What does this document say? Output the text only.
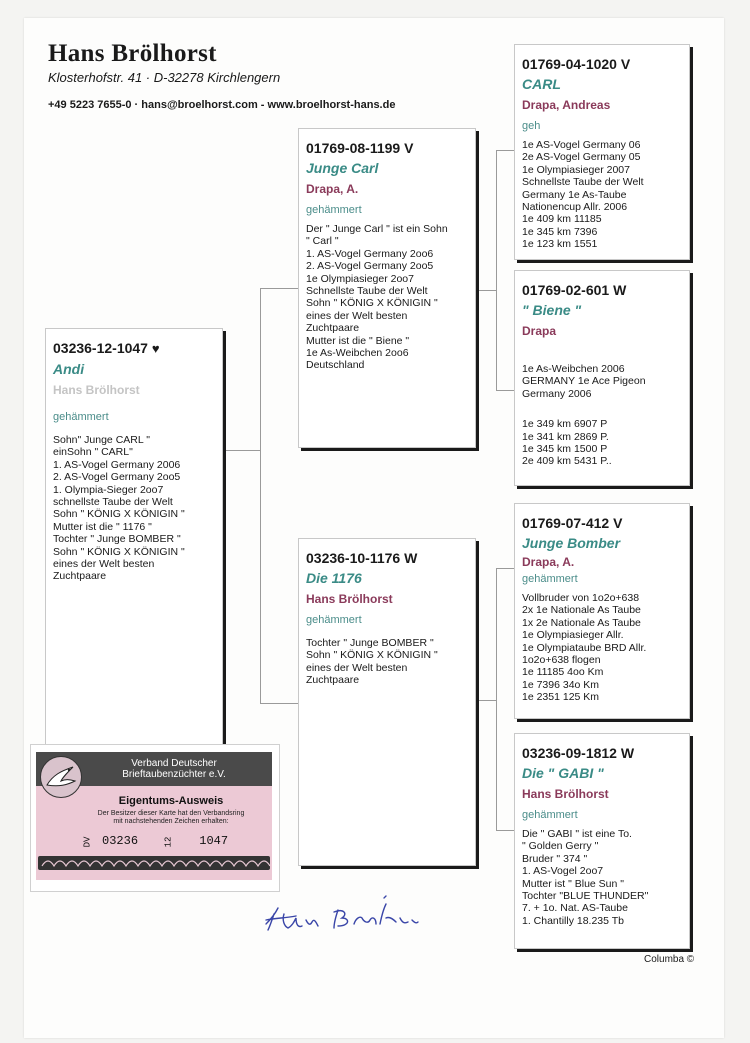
Hans Brölhorst
Klosterhofstr. 41 · D-32278 Kirchlengern
+49 5223 7655-0 · hans@broelhorst.com - www.broelhorst-hans.de
03236-12-1047 ♥
Andi
Hans Brölhorst
gehämmert
Sohn" Junge CARL "
einSohn " CARL"
1. AS-Vogel Germany 2006
2. AS-Vogel Germany 2oo5
1. Olympia-Sieger 2oo7
schnellste Taube der Welt
Sohn " KÖNIG X KÖNIGIN "
Mutter ist die " 1176 "
Tochter " Junge BOMBER "
Sohn " KÖNIG X KÖNIGIN "
eines der Welt besten
Zuchtpaare
01769-08-1199 V
Junge Carl
Drapa, A.
gehämmert
Der " Junge Carl " ist ein Sohn
" Carl "
1. AS-Vogel Germany 2oo6
2. AS-Vogel Germany 2oo5
1e Olympiasieger 2oo7
Schnellste Taube der Welt
Sohn " KÖNIG X KÖNIGIN "
eines der Welt besten
Zuchtpaare
Mutter ist die " Biene "
1e As-Weibchen 2oo6
Deutschland
03236-10-1176 W
Die 1176
Hans Brölhorst
gehämmert
Tochter " Junge BOMBER "
Sohn " KÖNIG X KÖNIGIN "
eines der Welt besten
Zuchtpaare
01769-04-1020 V
CARL
Drapa, Andreas
geh
1e AS-Vogel Germany 06
2e AS-Vogel Germany 05
1e Olympiasieger 2007
Schnellste Taube der Welt
Germany 1e As-Taube
Nationencup Allr. 2006
1e 409 km 11185
1e 345 km 7396
1e 123 km 1551
01769-02-601 W
" Biene "
Drapa
1e As-Weibchen 2006
GERMANY 1e Ace Pigeon
Germany 2006
1e 349 km 6907 P
1e 341 km 2869 P.
1e 345 km 1500 P
2e 409 km 5431 P..
01769-07-412 V
Junge Bomber
Drapa, A.
gehämmert
Vollbruder von 1o2o+638
2x 1e Nationale As Taube
1x 2e Nationale As Taube
1e Olympiasieger Allr.
1e Olympiataube BRD Allr.
1o2o+638 flogen
1e 11185 4oo Km
1e 7396 34o Km
1e 2351 125 Km
03236-09-1812 W
Die " GABI "
Hans Brölhorst
gehämmert
Die " GABI " ist eine To.
" Golden Gerry "
Bruder " 374 "
1. AS-Vogel 2oo7
Mutter ist " Blue Sun "
Tochter "BLUE THUNDER"
7. + 1o. Nat. AS-Taube
1. Chantilly 18.235 Tb
Verband Deutscher
Brieftaubenzüchter e.V.
Eigentums-Ausweis
Der Besitzer dieser Karte hat den Verbandsring
mit nachstehenden Zeichen erhalten:
DV 03236	12 1047
Columba ©
